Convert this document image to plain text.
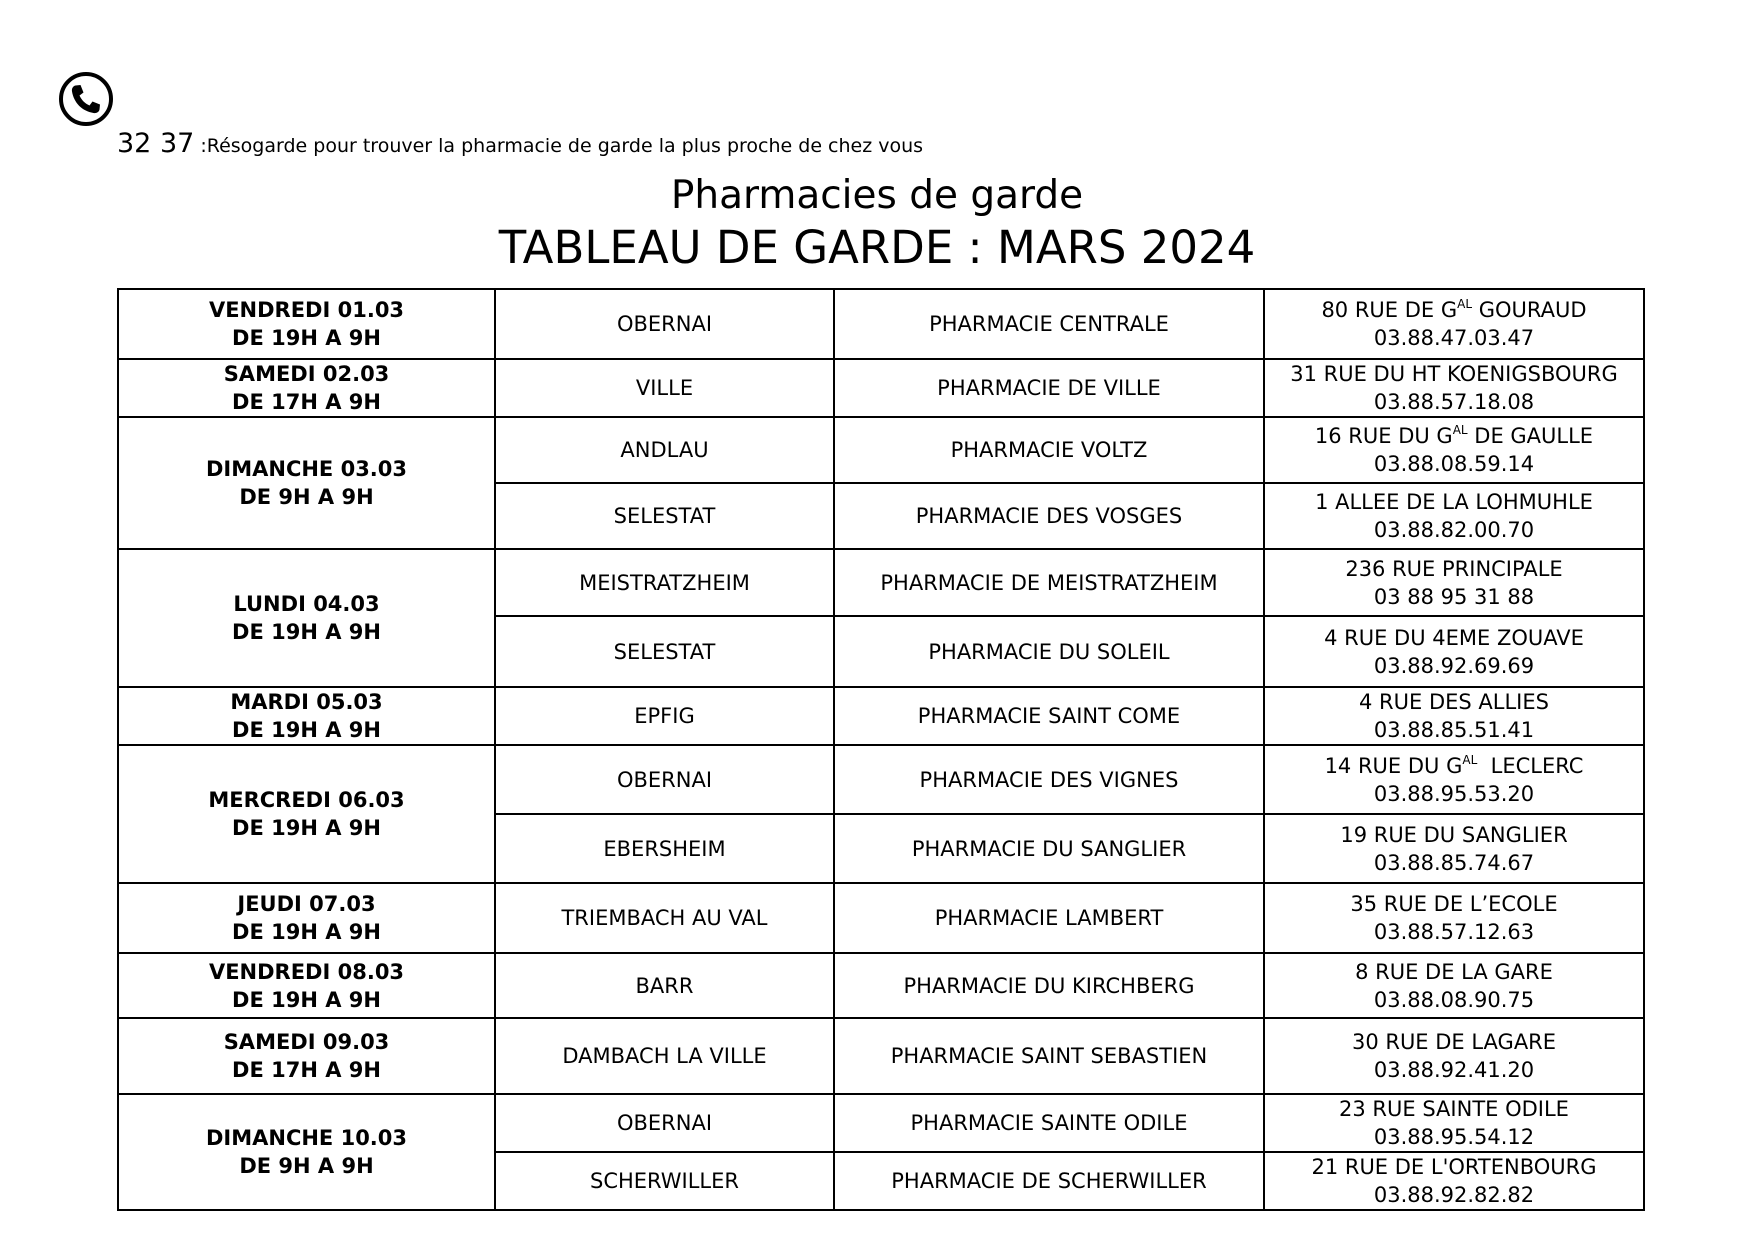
32 37 :Résogarde pour trouver la pharmacie de garde la plus proche de chez vous
Pharmacies de garde
TABLEAU DE GARDE : MARS 2024
VENDREDI 01.03
DE 19H A 9H	OBERNAI	PHARMACIE CENTRALE	80 RUE DE $G^{AL}$ GOURAUD
03.88.47.03.47

SAMEDI 02.03
DE 17H A 9H	VILLE	PHARMACIE DE VILLE	31 RUE DU HT KOENIGSBOURG
03.88.57.18.08

DIMANCHE 03.03
DE 9H A 9H	ANDLAU	PHARMACIE VOLTZ	16 RUE DU $G^{AL}$ DE GAULLE
03.88.08.59.14

	SELESTAT	PHARMACIE DES VOSGES	1 ALLEE DE LA LOHMUHLE
03.88.82.00.70

LUNDI 04.03
DE 19H A 9H	MEISTRATZHEIM	PHARMACIE DE MEISTRATZHEIM	236 RUE PRINCIPALE
03 88 95 31 88

	SELESTAT	PHARMACIE DU SOLEIL	4 RUE DU 4EME ZOUAVE
03.88.92.69.69

MARDI 05.03
DE 19H A 9H	EPFIG	PHARMACIE SAINT COME	4 RUE DES ALLIES
03.88.85.51.41

MERCREDI 06.03
DE 19H A 9H	OBERNAI	PHARMACIE DES VIGNES	14 RUE DU $G^{AL}$  LECLERC
03.88.95.53.20

	EBERSHEIM	PHARMACIE DU SANGLIER	19 RUE DU SANGLIER
03.88.85.74.67

JEUDI 07.03
DE 19H A 9H	TRIEMBACH AU VAL	PHARMACIE LAMBERT	35 RUE DE L’ECOLE
03.88.57.12.63

VENDREDI 08.03
DE 19H A 9H	BARR	PHARMACIE DU KIRCHBERG	8 RUE DE LA GARE
03.88.08.90.75

SAMEDI 09.03
DE 17H A 9H	DAMBACH LA VILLE	PHARMACIE SAINT SEBASTIEN	30 RUE DE LAGARE
03.88.92.41.20

DIMANCHE 10.03
DE 9H A 9H	OBERNAI	PHARMACIE SAINTE ODILE	23 RUE SAINTE ODILE
03.88.95.54.12

	SCHERWILLER	PHARMACIE DE SCHERWILLER	21 RUE DE L'ORTENBOURG
03.88.92.82.82
